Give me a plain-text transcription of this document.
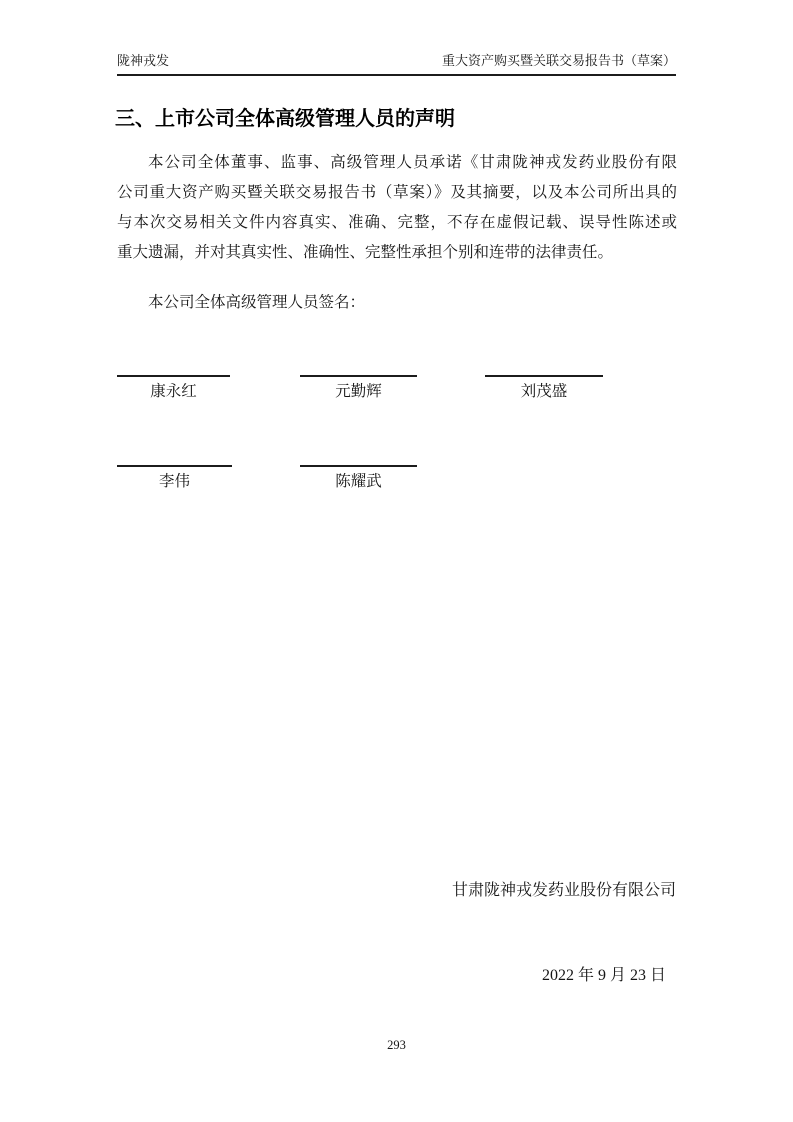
陇神戎发	重大资产购买暨关联交易报告书（草案）
三、上市公司全体高级管理人员的声明
本公司全体董事、监事、高级管理人员承诺《甘肃陇神戎发药业股份有限
公司重大资产购买暨关联交易报告书（草案）》及其摘要，以及本公司所出具的
与本次交易相关文件内容真实、准确、完整，不存在虚假记载、误导性陈述或
重大遗漏，并对其真实性、准确性、完整性承担个别和连带的法律责任。
本公司全体高级管理人员签名：
康永红	元勤辉	刘茂盛
李伟	陈耀武
甘肃陇神戎发药业股份有限公司
2022 年 9 月 23 日
293
